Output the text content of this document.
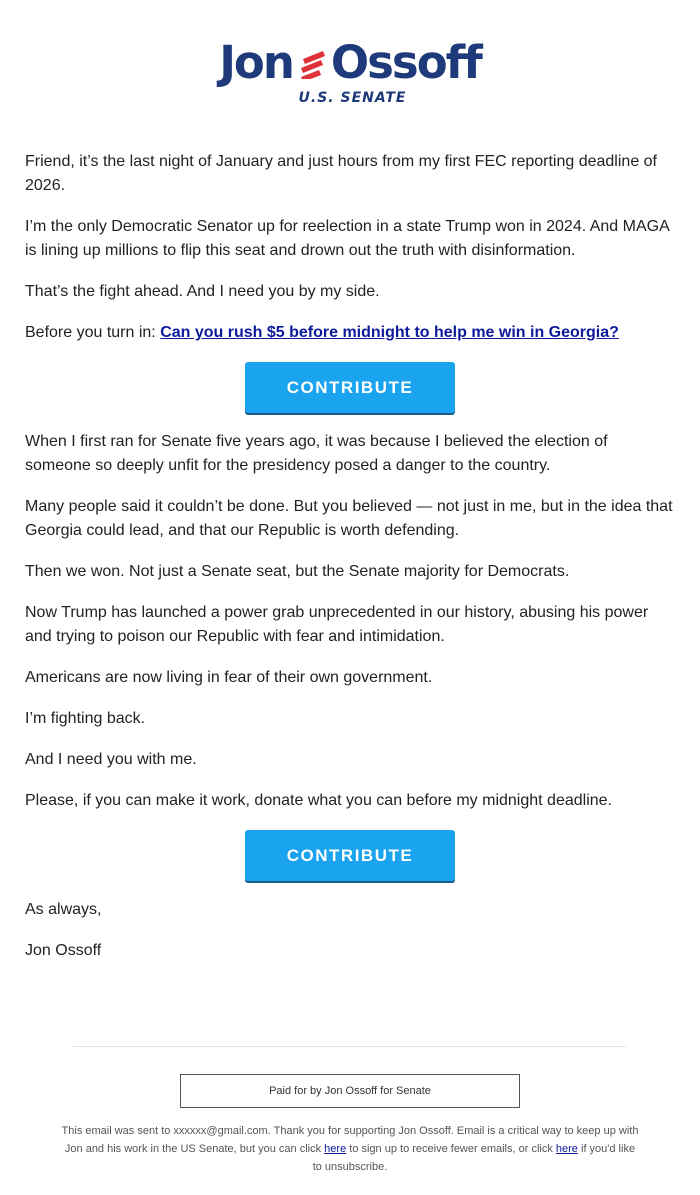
Jon Ossoff
U.S. SENATE

Friend, it’s the last night of January and just hours from my first FEC reporting deadline of 2026.

I’m the only Democratic Senator up for reelection in a state Trump won in 2024. And MAGA is lining up millions to flip this seat and drown out the truth with disinformation.

That’s the fight ahead. And I need you by my side.

Before you turn in: Can you rush $5 before midnight to help me win in Georgia?

CONTRIBUTE

When I first ran for Senate five years ago, it was because I believed the election of someone so deeply unfit for the presidency posed a danger to the country.

Many people said it couldn’t be done. But you believed — not just in me, but in the idea that Georgia could lead, and that our Republic is worth defending.

Then we won. Not just a Senate seat, but the Senate majority for Democrats.

Now Trump has launched a power grab unprecedented in our history, abusing his power and trying to poison our Republic with fear and intimidation.

Americans are now living in fear of their own government.

I’m fighting back.

And I need you with me.

Please, if you can make it work, donate what you can before my midnight deadline.

CONTRIBUTE

As always,

Jon Ossoff

Paid for by Jon Ossoff for Senate
This email was sent to xxxxxx@gmail.com. Thank you for supporting Jon Ossoff. Email is a critical way to keep up with Jon and his work in the US Senate, but you can click here to sign up to receive fewer emails, or click here if you'd like to unsubscribe.
